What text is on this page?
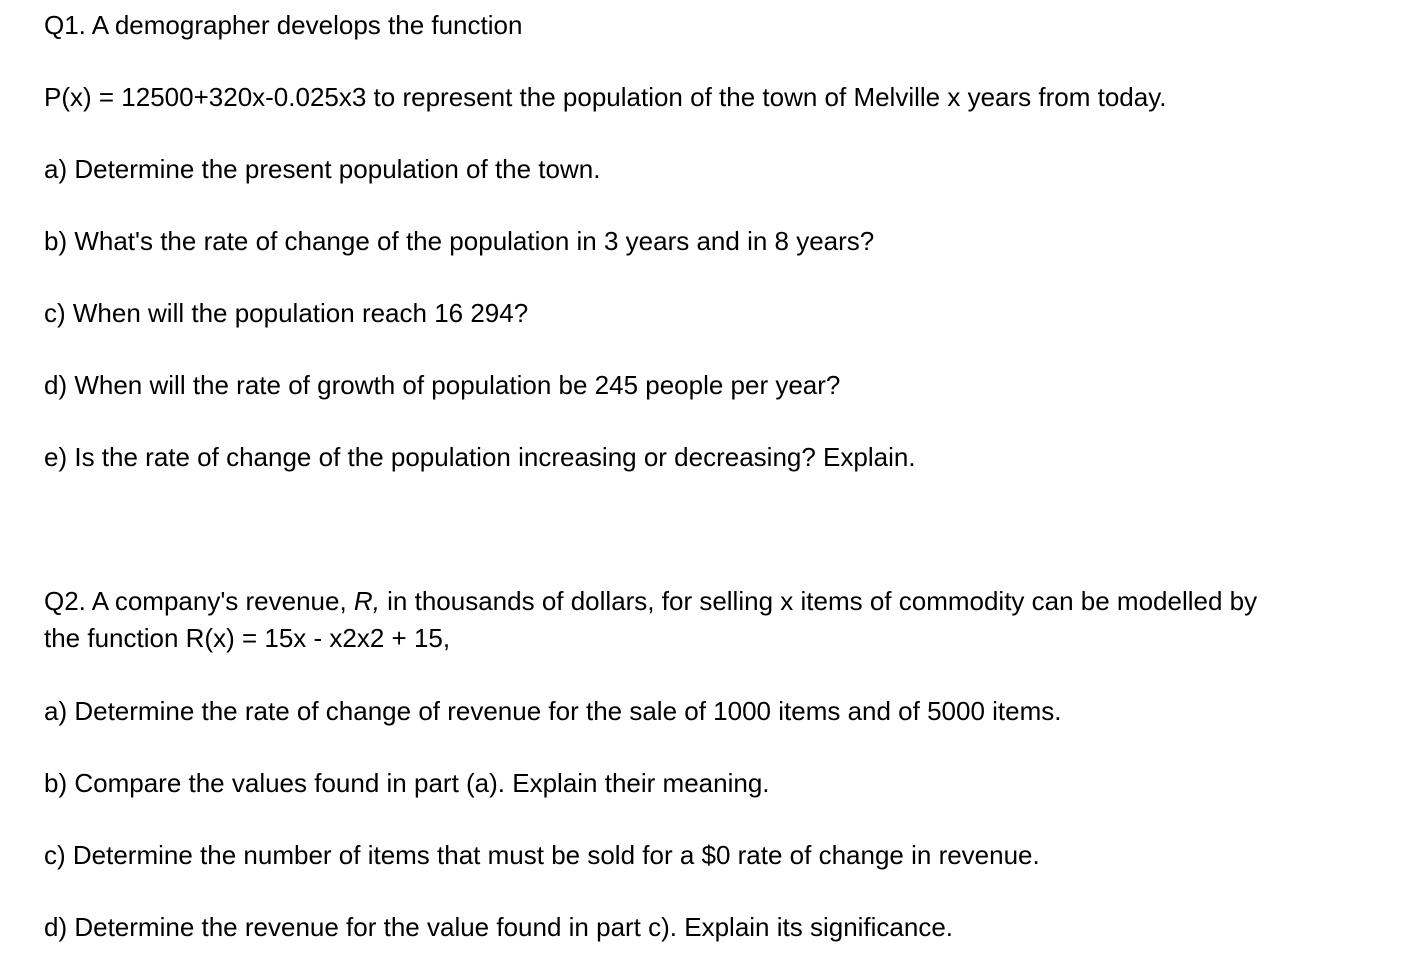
Q1. A demographer develops the function
P(x) = 12500+320x-0.025x3 to represent the population of the town of Melville x years from today.
a) Determine the present population of the town.
b) What's the rate of change of the population in 3 years and in 8 years?
c) When will the population reach 16 294?
d) When will the rate of growth of population be 245 people per year?
e) Is the rate of change of the population increasing or decreasing? Explain.
Q2. A company's revenue, R, in thousands of dollars, for selling x items of commodity can be modelled by
the function R(x) = 15x - x2x2 + 15,
a) Determine the rate of change of revenue for the sale of 1000 items and of 5000 items.
b) Compare the values found in part (a). Explain their meaning.
c) Determine the number of items that must be sold for a $0 rate of change in revenue.
d) Determine the revenue for the value found in part c). Explain its significance.
